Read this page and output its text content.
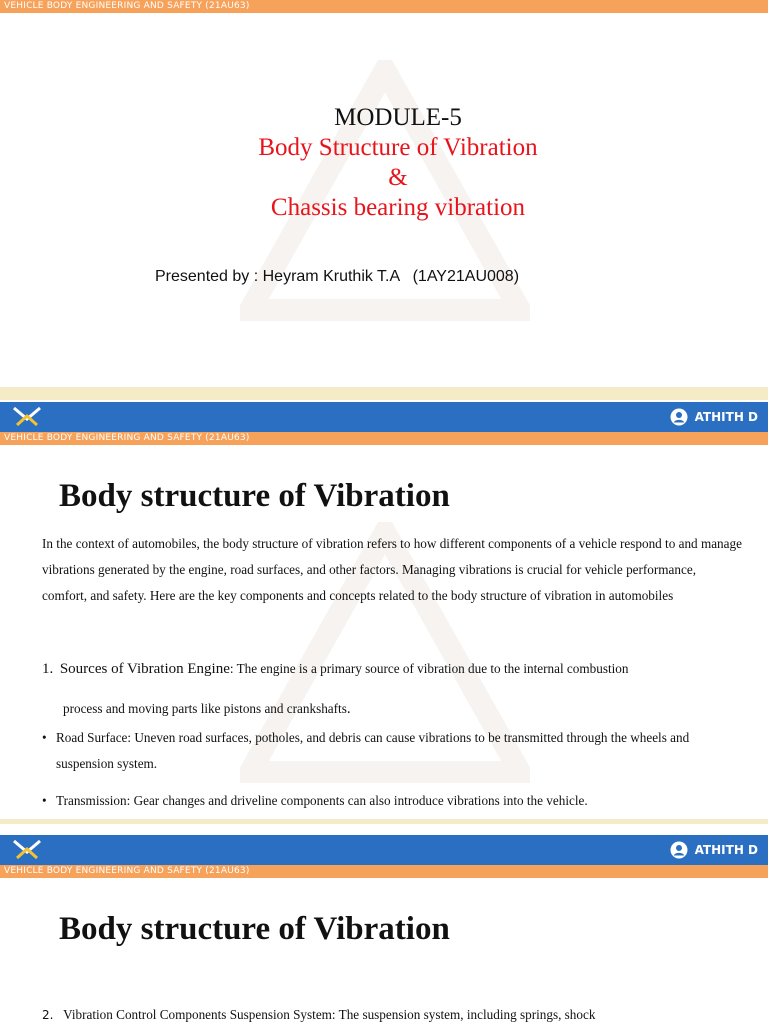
VEHICLE BODY ENGINEERING AND SAFETY (21AU63)
MODULE-5
Body Structure of Vibration
&
Chassis bearing vibration
Presented by : Heyram Kruthik T.A   (1AY21AU008)
ATHITH D
VEHICLE BODY ENGINEERING AND SAFETY (21AU63)
Body structure of Vibration
In the context of automobiles, the body structure of vibration refers to how different components of a vehicle respond to and manage vibrations generated by the engine, road surfaces, and other factors. Managing vibrations is crucial for vehicle performance, comfort, and safety. Here are the key components and concepts related to the body structure of vibration in automobiles
1. Sources of Vibration Engine: The engine is a primary source of vibration due to the internal combustion
process and moving parts like pistons and crankshafts.
• Road Surface: Uneven road surfaces, potholes, and debris can cause vibrations to be transmitted through the wheels and suspension system.
• Transmission: Gear changes and driveline components can also introduce vibrations into the vehicle.
ATHITH D
VEHICLE BODY ENGINEERING AND SAFETY (21AU63)
Body structure of Vibration
2. Vibration Control Components Suspension System: The suspension system, including springs, shock
